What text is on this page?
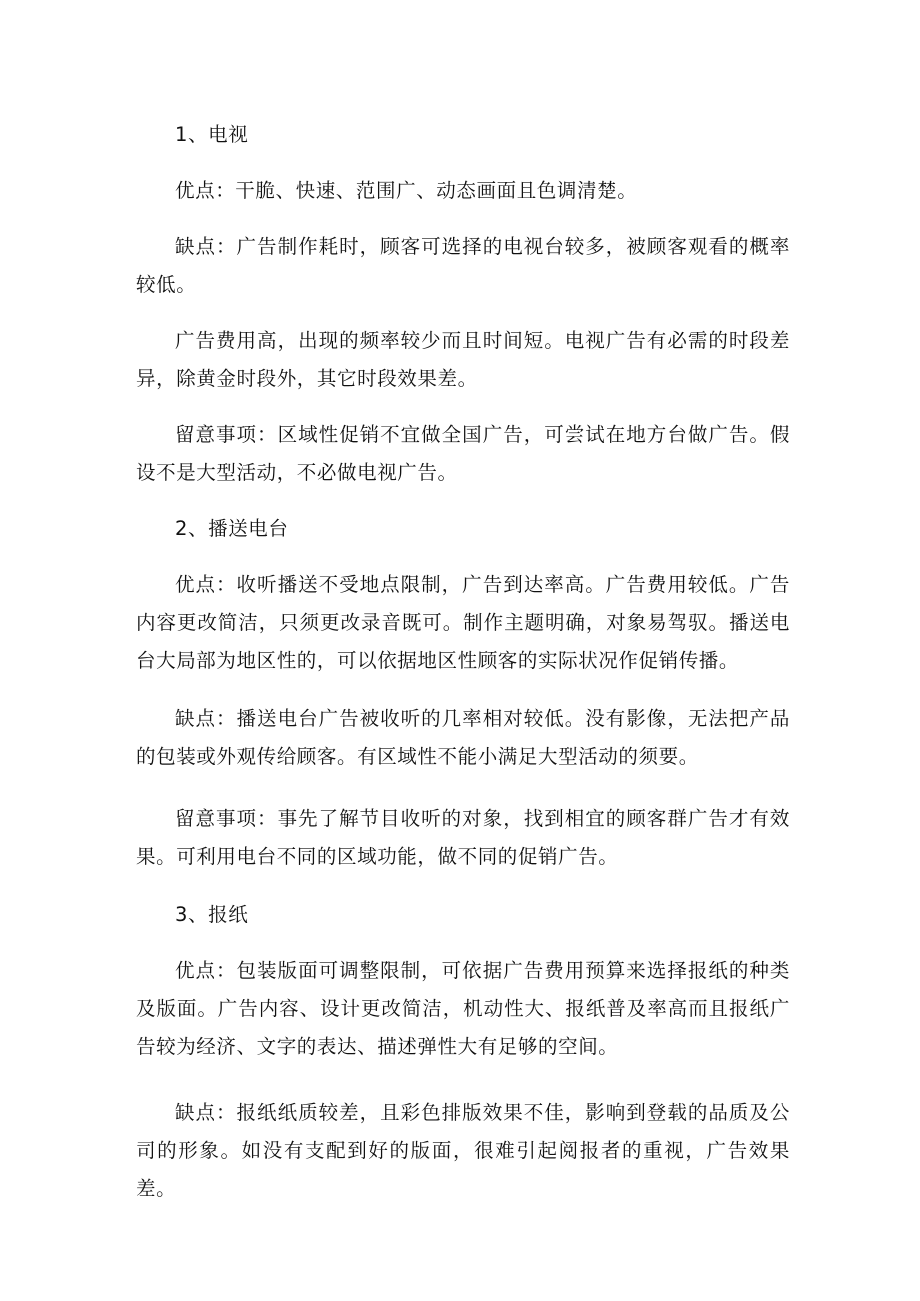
1、电视

优点：干脆、快速、范围广、动态画面且色调清楚。

缺点：广告制作耗时，顾客可选择的电视台较多，被顾客观看的概率较低。

广告费用高，出现的频率较少而且时间短。电视广告有必需的时段差异，除黄金时段外，其它时段效果差。

留意事项：区域性促销不宜做全国广告，可尝试在地方台做广告。假设不是大型活动，不必做电视广告。

2、播送电台

优点：收听播送不受地点限制，广告到达率高。广告费用较低。广告内容更改简洁，只须更改录音既可。制作主题明确，对象易驾驭。播送电台大局部为地区性的，可以依据地区性顾客的实际状况作促销传播。

缺点：播送电台广告被收听的几率相对较低。没有影像，无法把产品的包装或外观传给顾客。有区域性不能小满足大型活动的须要。

留意事项：事先了解节目收听的对象，找到相宜的顾客群广告才有效果。可利用电台不同的区域功能，做不同的促销广告。

3、报纸

优点：包装版面可调整限制，可依据广告费用预算来选择报纸的种类及版面。广告内容、设计更改简洁，机动性大、报纸普及率高而且报纸广告较为经济、文字的表达、描述弹性大有足够的空间。

缺点：报纸纸质较差，且彩色排版效果不佳，影响到登载的品质及公司的形象。如没有支配到好的版面，很难引起阅报者的重视，广告效果差。
